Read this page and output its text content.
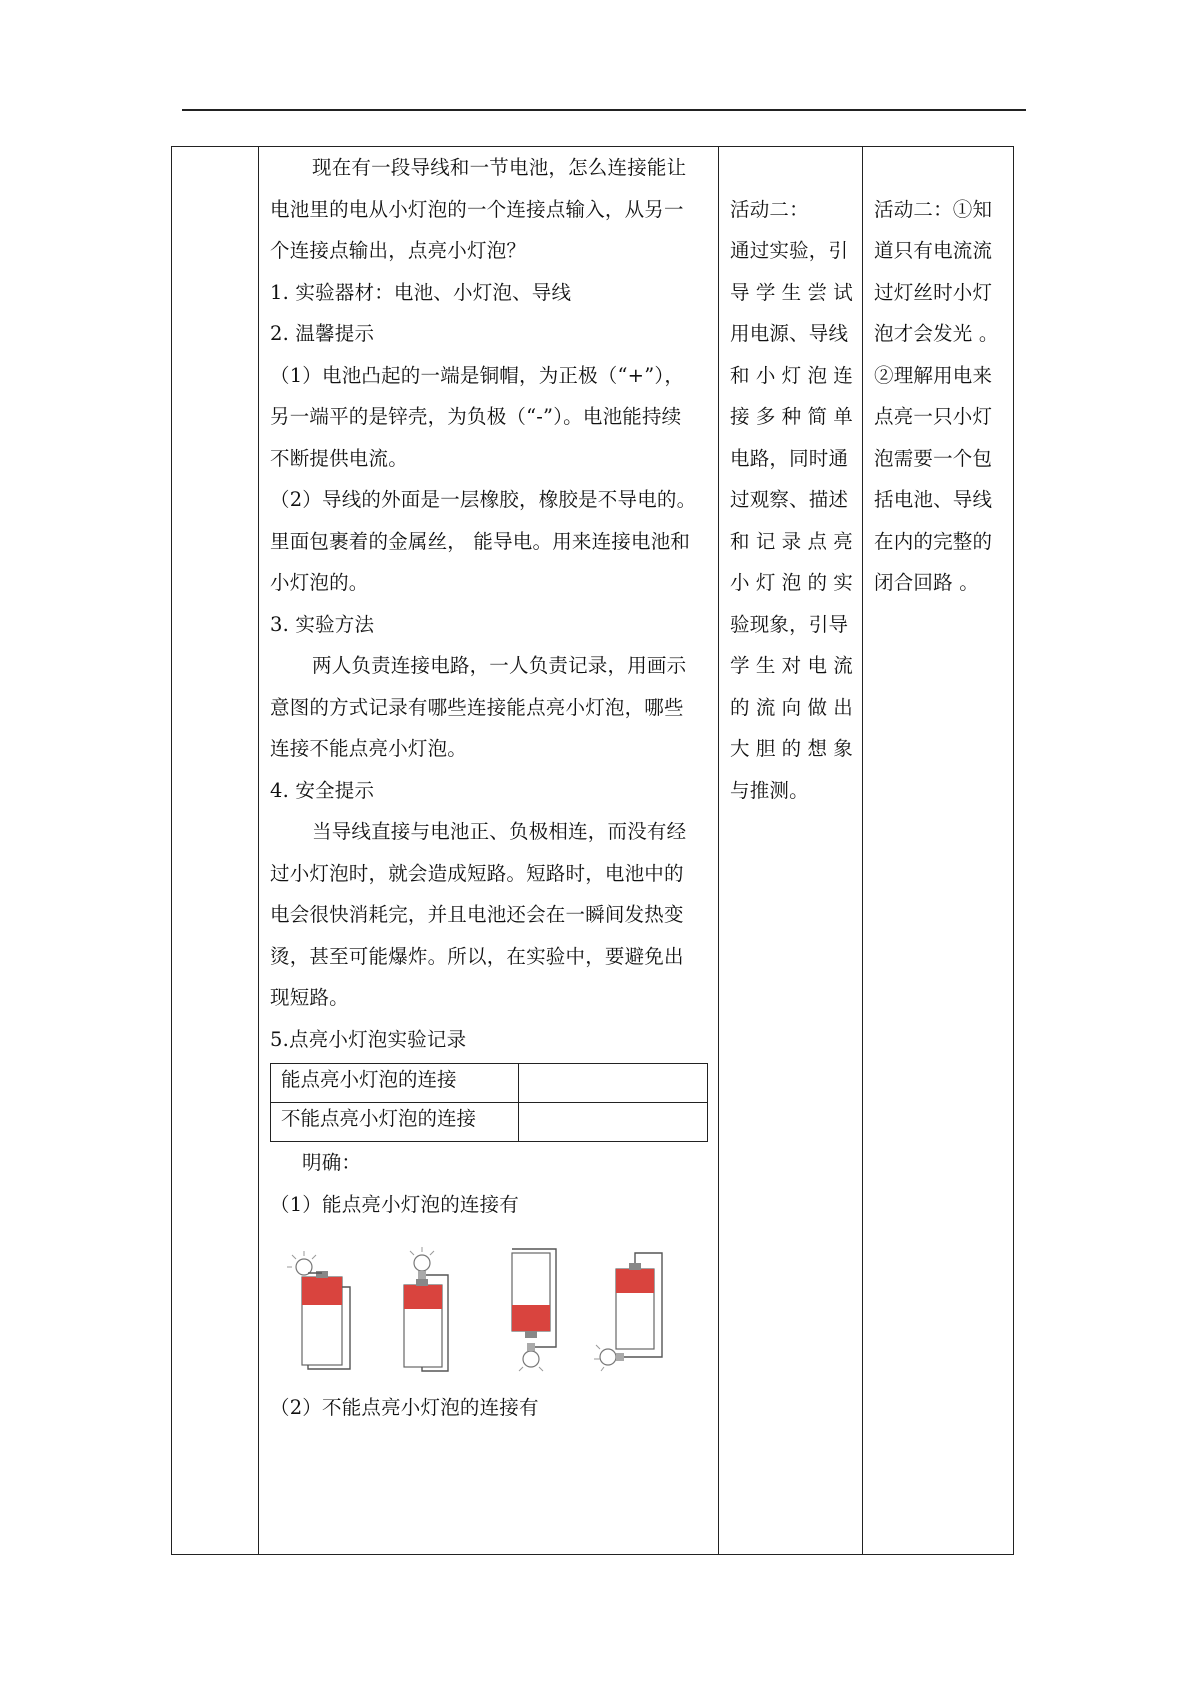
现在有一段导线和一节电池，怎么连接能让
电池里的电从小灯泡的一个连接点输入，从另一
个连接点输出，点亮小灯泡？
1. 实验器材：电池、小灯泡、导线
2. 温馨提示
（1）电池凸起的一端是铜帽，为正极（“+”），
另一端平的是锌壳，为负极（“-”）。电池能持续
不断提供电流。
（2）导线的外面是一层橡胶，橡胶是不导电的。
里面包裹着的金属丝， 能导电。用来连接电池和
小灯泡的。
3. 实验方法
两人负责连接电路，一人负责记录，用画示
意图的方式记录有哪些连接能点亮小灯泡，哪些
连接不能点亮小灯泡。
4. 安全提示
当导线直接与电池正、负极相连，而没有经
过小灯泡时，就会造成短路。短路时，电池中的
电会很快消耗完，并且电池还会在一瞬间发热变
烫，甚至可能爆炸。所以，在实验中，要避免出
现短路。
5.点亮小灯泡实验记录
能点亮小灯泡的连接	
不能点亮小灯泡的连接	
明确：
（1）能点亮小灯泡的连接有
（2）不能点亮小灯泡的连接有
活动二：
通过实验，引
导学生尝试
用电源、导线
和小灯泡连
接多种简单
电路，同时通
过观察、描述
和记录点亮
小灯泡的实
验现象，引导
学生对电流
的流向做出
大胆的想象
与推测。
活动二：①知
道只有电流流
过灯丝时小灯
泡才会发光 。
②理解用电来
点亮一只小灯
泡需要一个包
括电池、导线
在内的完整的
闭合回路 。
